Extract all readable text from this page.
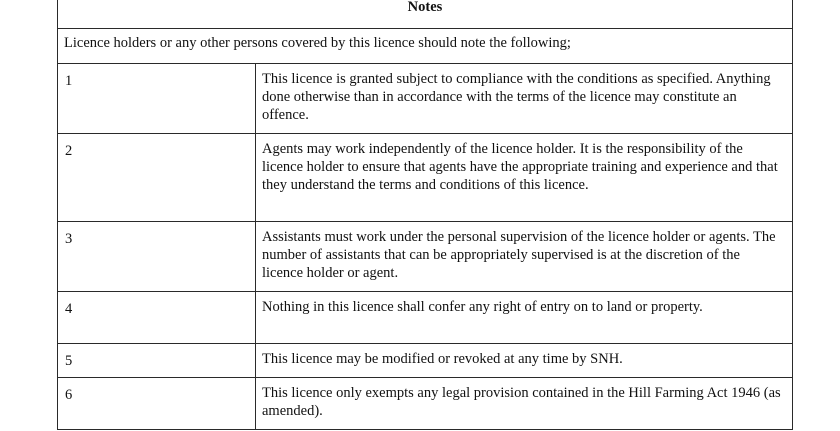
Notes	
Licence holders or any other persons covered by this licence should note the following;	
1	This licence is granted subject to compliance with the conditions as specified. Anything done otherwise than in accordance with the terms of the licence may constitute an offence.
2	Agents may work independently of the licence holder. It is the responsibility of the licence holder to ensure that agents have the appropriate training and experience and that they understand the terms and conditions of this licence.
3	Assistants must work under the personal supervision of the licence holder or agents. The number of assistants that can be appropriately supervised is at the discretion of the licence holder or agent.
4	Nothing in this licence shall confer any right of entry on to land or property.
5	This licence may be modified or revoked at any time by SNH.
6	This licence only exempts any legal provision contained in the Hill Farming Act 1946 (as amended).
